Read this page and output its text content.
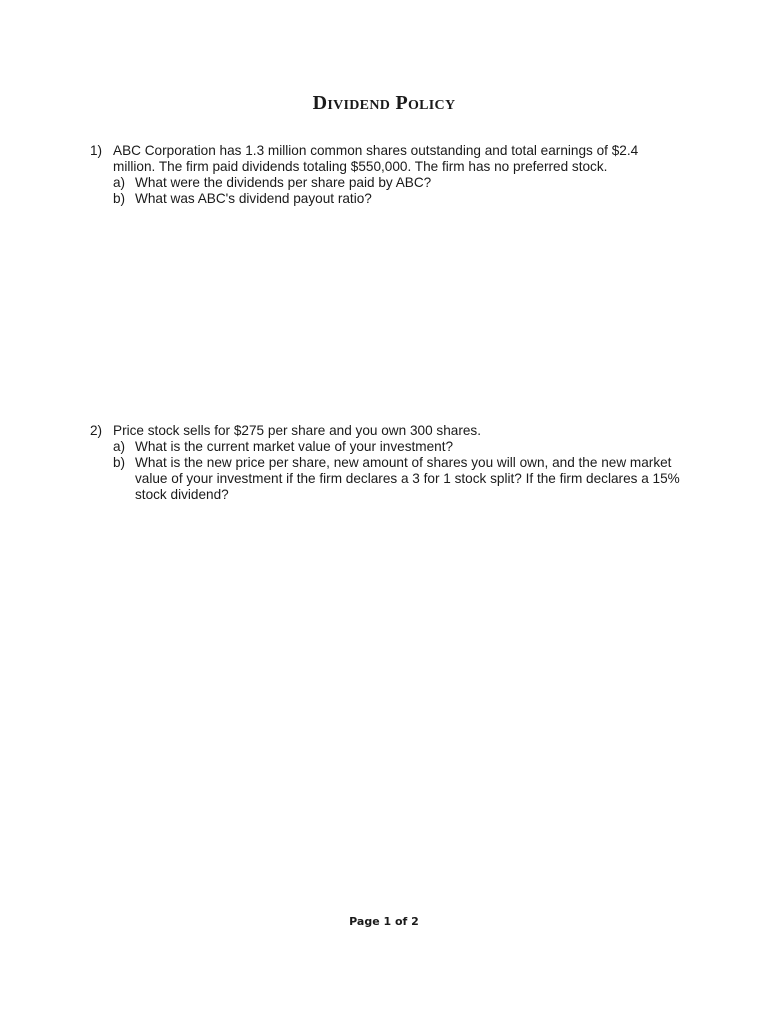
Dividend Policy
1) ABC Corporation has 1.3 million common shares outstanding and total earnings of $2.4 million. The firm paid dividends totaling $550,000. The firm has no preferred stock.
a) What were the dividends per share paid by ABC?
b) What was ABC's dividend payout ratio?
2) Price stock sells for $275 per share and you own 300 shares.
a) What is the current market value of your investment?
b) What is the new price per share, new amount of shares you will own, and the new market value of your investment if the firm declares a 3 for 1 stock split? If the firm declares a 15% stock dividend?
Page 1 of 2
